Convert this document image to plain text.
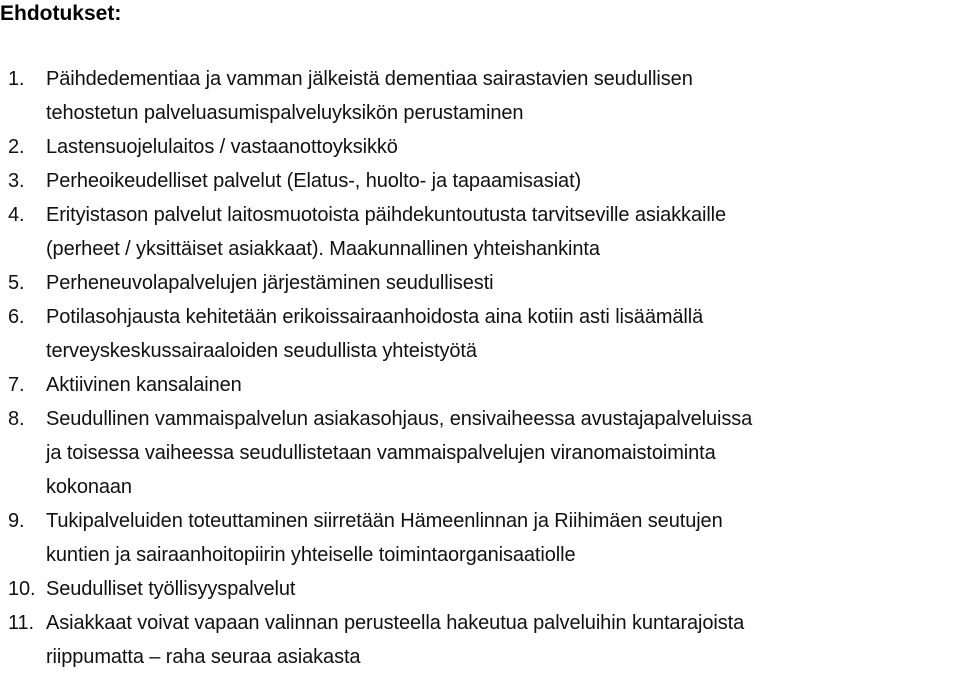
Ehdotukset:
1. Päihdedementiaa ja vamman jälkeistä dementiaa sairastavien seudullisen
tehostetun palveluasumispalveluyksikön perustaminen
2. Lastensuojelulaitos / vastaanottoyksikkö
3. Perheoikeudelliset palvelut (Elatus-, huolto- ja tapaamisasiat)
4. Erityistason palvelut laitosmuotoista päihdekuntoutusta tarvitseville asiakkaille
(perheet / yksittäiset asiakkaat). Maakunnallinen yhteishankinta
5. Perheneuvolapalvelujen järjestäminen seudullisesti
6. Potilasohjausta kehitetään erikoissairaanhoidosta aina kotiin asti lisäämällä
terveyskeskussairaaloiden seudullista yhteistyötä
7. Aktiivinen kansalainen
8. Seudullinen vammaispalvelun asiakasohjaus, ensivaiheessa avustajapalveluissa
ja toisessa vaiheessa seudullistetaan vammaispalvelujen viranomaistoiminta
kokonaan
9. Tukipalveluiden toteuttaminen siirretään Hämeenlinnan ja Riihimäen seutujen
kuntien ja sairaanhoitopiirin yhteiselle toimintaorganisaatiolle
10. Seudulliset työllisyyspalvelut
11. Asiakkaat voivat vapaan valinnan perusteella hakeutua palveluihin kuntarajoista
riippumatta – raha seuraa asiakasta
